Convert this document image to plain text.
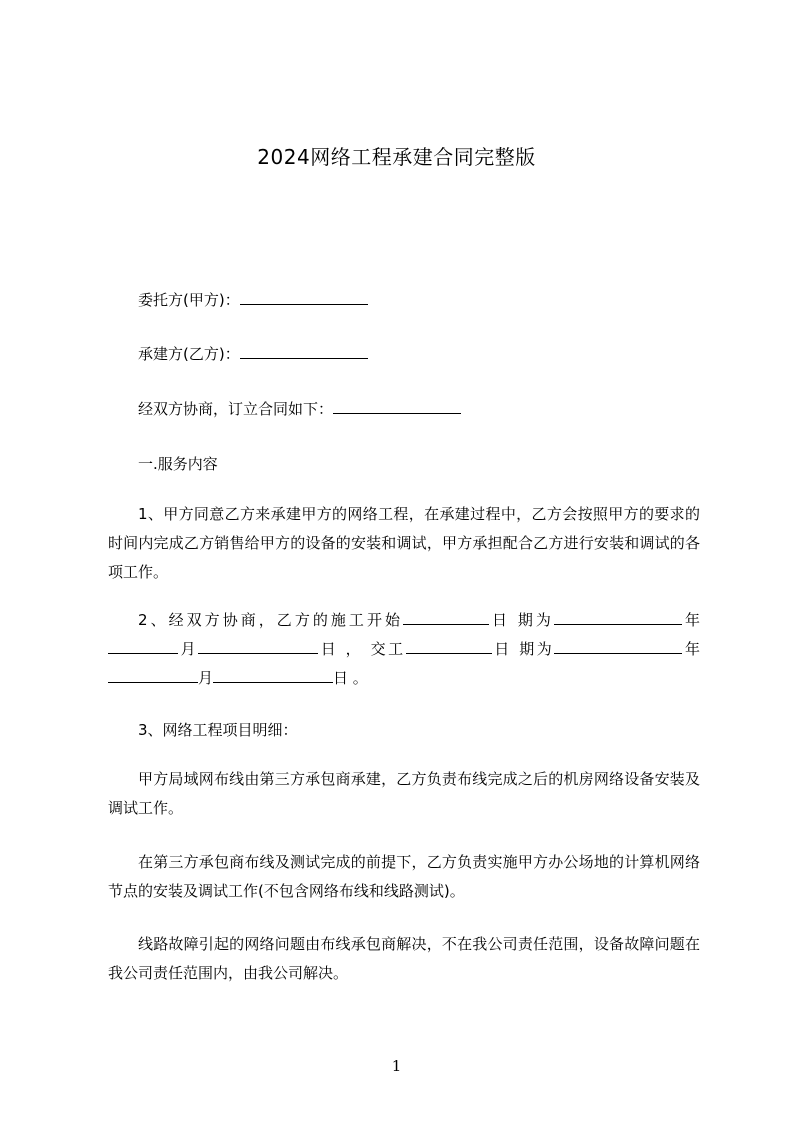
2024网络工程承建合同完整版
委托方(甲方)：
承建方(乙方)：
经双方协商，订立合同如下：
一.服务内容
1、甲方同意乙方来承建甲方的网络工程，在承建过程中，乙方会按照甲方的要求的时间内完成乙方销售给甲方的设备的安装和调试，甲方承担配合乙方进行安装和调试的各项工作。
2、经双方协商，乙方的施工开始	日 期为	年月	日 ， 交工	日 期为	年月	日 。
3、网络工程项目明细：
甲方局域网布线由第三方承包商承建，乙方负责布线完成之后的机房网络设备安装及调试工作。
在第三方承包商布线及测试完成的前提下，乙方负责实施甲方办公场地的计算机网络节点的安装及调试工作(不包含网络布线和线路测试)。
线路故障引起的网络问题由布线承包商解决，不在我公司责任范围，设备故障问题在我公司责任范围内，由我公司解决。
1
